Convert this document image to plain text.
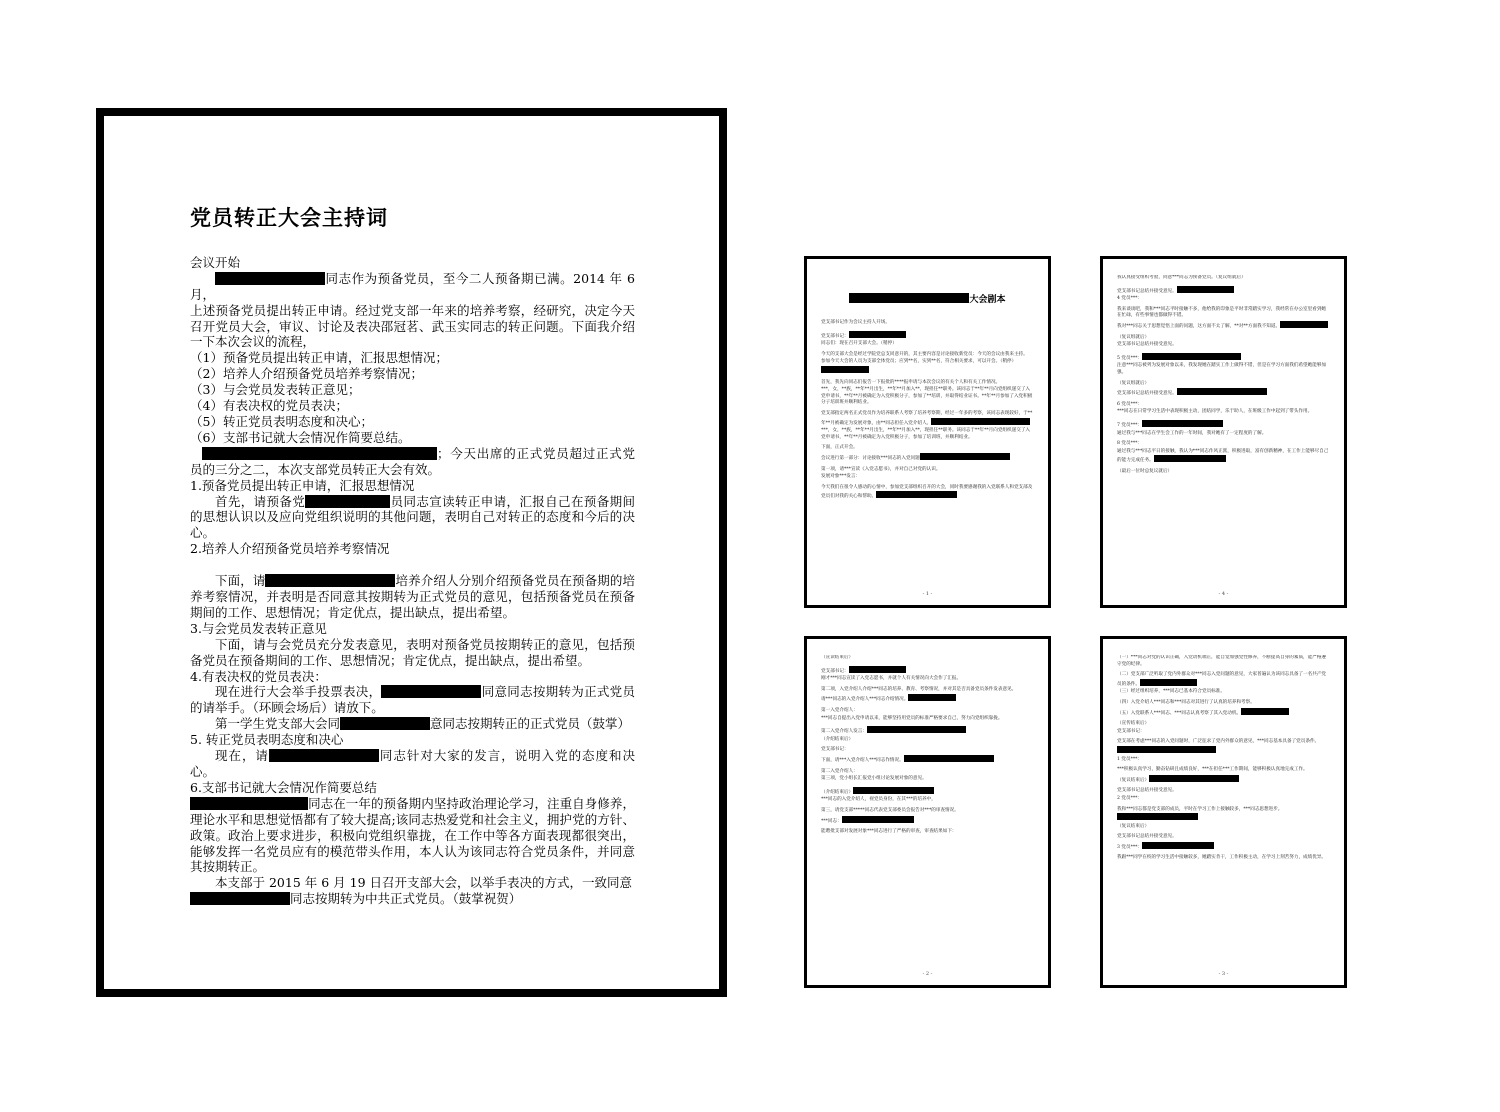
党员转正大会主持词

会议开始

同志作为预备党员，至今二人预备期已满。2014 年 6 月，

上述预备党员提出转正申请。经过党支部一年来的培养考察，经研究，决定今天召开党员大会，审议、讨论及表决邵冠茗、武玉实同志的转正问题。下面我介绍一下本次会议的流程，

（1）预备党员提出转正申请，汇报思想情况；

（2）培养人介绍预备党员培养考察情况；

（3）与会党员发表转正意见；

（4）有表决权的党员表决；

（5）转正党员表明态度和决心；

（6）支部书记就大会情况作简要总结。

；今天出席的正式党员超过正式党员的三分之二，本次支部党员转正大会有效。

1.预备党员提出转正申请，汇报思想情况

首先，请预备党	员同志宣读转正申请，汇报自己在预备期间的思想认识以及应向党组织说明的其他问题，表明自己对转正的态度和今后的决心。

2.培养人介绍预备党员培养考察情况

下面，请	培养介绍人分别介绍预备党员在预备期的培养考察情况，并表明是否同意其按期转为正式党员的意见，包括预备党员在预备期间的工作、思想情况；肯定优点，提出缺点，提出希望。

3.与会党员发表转正意见

下面，请与会党员充分发表意见，表明对预备党员按期转正的意见，包括预备党员在预备期间的工作、思想情况；肯定优点，提出缺点，提出希望。

4.有表决权的党员表决：

现在进行大会举手投票表决，	同意同志按期转为正式党员的请举手。（环顾会场后）请放下。

第一学生党支部大会同	意同志按期转正的正式党员（鼓掌）

5. 转正党员表明态度和决心

现在，请	同志针对大家的发言，说明入党的态度和决心。

6.支部书记就大会情况作简要总结

同志在一年的预备期内坚持政治理论学习，注重自身修养，理论水平和思想觉悟都有了较大提高;该同志热爱党和社会主义，拥护党的方针、政策。政治上要求进步，积极向党组织靠拢，在工作中等各方面表现都很突出，能够发挥一名党员应有的模范带头作用，本人认为该同志符合党员条件，并同意其按期转正。

本支部于 2015 年 6 月 19 日召开支部大会，以举手表决的方式，一致同意

同志按期转为中共正式党员。（鼓掌祝贺）

大会剧本

党支部书记作为会议主持人开场。

党支部书记：

同志们：现在召开支部大会。（稍停）

今天的支部大会是经过学院党总支同意开的，其主要内容是讨论接收新党员：今天的会议由我来主持。

参加今天大会的人员为支部全体党员；应到**名，实到**名，符合相关要求，可以开会。（稍停）

首先，我先向同志们报告一下报批的****报申请与本次会议的有关个人和有关工作情况。

***，女，**族，**年**月出生，**年**月加入**，现担任**职务。该同志于**年**月向党组织递交了入党申请书，**年**月被确定为入党积极分子，参加了**培训，并取得结业证书。**年**月参加了入党积极分子培训班并顺利结业。

党支部指定两名正式党员作为培养联系人考察了培养考察期，经过一年多的考察，该同志表现较好，于**年**月被确定为发展对象，由**同志担任入党介绍人。

***，女，**族，**年**月出生，**年**月加入**，现担任**职务。该同志于**年**月向党组织递交了入党申请书，**年**月被确定为入党积极分子，参加了培训班，并顺利结业。

下面，正式开会。

会议进行第一部分：讨论接收***同志的入党问题

第一项，请***宣读《入党志愿书》，并对自己对党的认识。

发展对象***发言：

今天我们在很令人感动的心情中，参加党支部组织召开的大会，同时我要感谢我的入党联系人和党支部及党员们对我的关心和帮助。

- 1 -

我认真接受组织考验，同意***同志为预备党员。（复议组就后）

党支部书记总结并接受意见。

4 党员***：

我来谈谈吧，我和***同志平时接触不多，他给我的印象是平时非常踏实学习，我经常在办公室里看到她在忙碌，有些事情也都做得不错。

我对***同志关于思想觉悟上面的问题，这方面不太了解，**对**方面我不知道。

（复议组就后）

党支部书记总结并接受意见。

5 党员***：

注意***同志被列为发展对象以来，我发现她在踏实工作上做得不错，但是在学习方面我们希望她能够加强。

（复议组就后）

党支部书记总结并接受意见。

6 党员***：

***同志在日常学习生活中表现积极主动，团结同学，乐于助人，在班级工作中起到了带头作用。

7 党员***：

通过我与***同志在学生会工作的一年时间，我对她有了一定程度的了解。

8 党员***：

通过我与***同志平日的接触，我认为***同志作风正派，积极进取，富有创新精神，在工作上能够尽自己的能力完成任务。

（最后一位时总复议就后）

- 4 -

（宣读结束后）

党支部书记：

刚才***同志宣读了入党志愿书，并就个人有关情况向大会作了汇报。

第二项，入党介绍人介绍***同志的培养、教育、考察情况，并对其是否具备党员条件发表意见。

请***同志的入党介绍人***同志介绍情况。

第一入党介绍人：

***同志自提出入党申请以来，能够坚持用党员的标准严格要求自己，努力向党组织靠拢。

第二入党介绍人发言：

（介绍结束后）

党支部书记：

下面，请***入党介绍人***同志作情况。

第二入党介绍人：

第三项，党小组长汇报党小组讨论发展对象的意见。

（介绍结束后）

***同志的入党介绍人，视党员身份，在其***的培养中，

第三，请党支部*****同志代表党支部委员会报告对***的审查情况。

***同志：

能聘批支部对发展对象***同志进行了严格的审查，审查结果如下：

- 2 -

（一）***同志对党的认识正确，入党动机端正，能自觉加强党性修养，不断提高自身的素质，能严格遵守党的纪律。

（二）党支部广泛听取了党内外群众对***同志入党问题的意见，大家普遍认为该同志具备了一名共产党员的条件。

（三）经过组织培养，***同志已基本符合党员标准。

（四）入党介绍人***同志和***同志对其进行了认真的培养和考察。

（五）入党联系人***同志、***同志认真考察了其入党动机。

（宣传结束后）

党支部书记：

党支部在考虑***同志的入党问题时，广泛征求了党内外群众的意见，***同志基本具备了党员条件。

1 党员***：

***积极认真学习，勤奋钻研且成绩良好，***在担任***工作期间，能够积极认真地完成工作。

（复议结束后）

党支部书记总结并接受意见。

2 党员***：

我和***同志都是党支部的成员，平时在学习工作上接触较多，***同志思想进步。

（复议结束后）

党支部书记总结并接受意见。

3 党员***：

我跟***同学在校的学习生活中接触较多，她踏实肯干，工作积极主动，在学习上刻苦努力，成绩优异。

- 3 -
